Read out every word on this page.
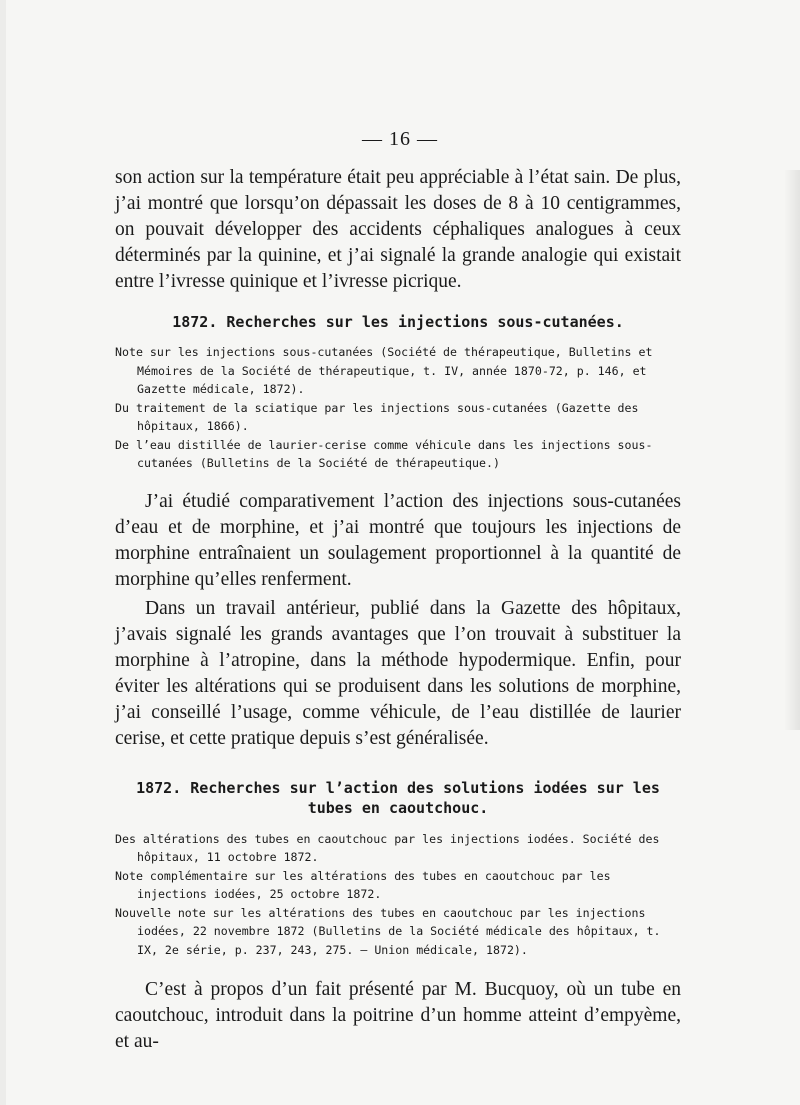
— 16 —

son action sur la température était peu appréciable à l’état sain. De plus, j’ai montré que lorsqu’on dépassait les doses de 8 à 10 centigrammes, on pouvait développer des accidents céphaliques analogues à ceux déterminés par la quinine, et j’ai signalé la grande analogie qui existait entre l’ivresse quinique et l’ivresse picrique.

1872. Recherches sur les injections sous-cutanées.

Note sur les injections sous-cutanées (Société de thérapeutique, Bulletins et Mémoires de la Société de thérapeutique, t. IV, année 1870-72, p. 146, et Gazette médicale, 1872).

Du traitement de la sciatique par les injections sous-cutanées (Gazette des hôpitaux, 1866).

De l’eau distillée de laurier-cerise comme véhicule dans les injections sous-cutanées (Bulletins de la Société de thérapeutique.)

J’ai étudié comparativement l’action des injections sous-cutanées d’eau et de morphine, et j’ai montré que toujours les injections de morphine entraînaient un soulagement proportionnel à la quantité de morphine qu’elles renferment.

Dans un travail antérieur, publié dans la Gazette des hôpitaux, j’avais signalé les grands avantages que l’on trouvait à substituer la morphine à l’atropine, dans la méthode hypodermique. Enfin, pour éviter les altérations qui se produisent dans les solutions de morphine, j’ai conseillé l’usage, comme véhicule, de l’eau distillée de laurier cerise, et cette pratique depuis s’est généralisée.

1872. Recherches sur l’action des solutions iodées sur les tubes en caoutchouc.

Des altérations des tubes en caoutchouc par les injections iodées. Société des hôpitaux, 11 octobre 1872.

Note complémentaire sur les altérations des tubes en caoutchouc par les injections iodées, 25 octobre 1872.

Nouvelle note sur les altérations des tubes en caoutchouc par les injections iodées, 22 novembre 1872 (Bulletins de la Société médicale des hôpitaux, t. IX, 2e série, p. 237, 243, 275. — Union médicale, 1872).

C’est à propos d’un fait présenté par M. Bucquoy, où un tube en caoutchouc, introduit dans la poitrine d’un homme atteint d’empyème, et au-
